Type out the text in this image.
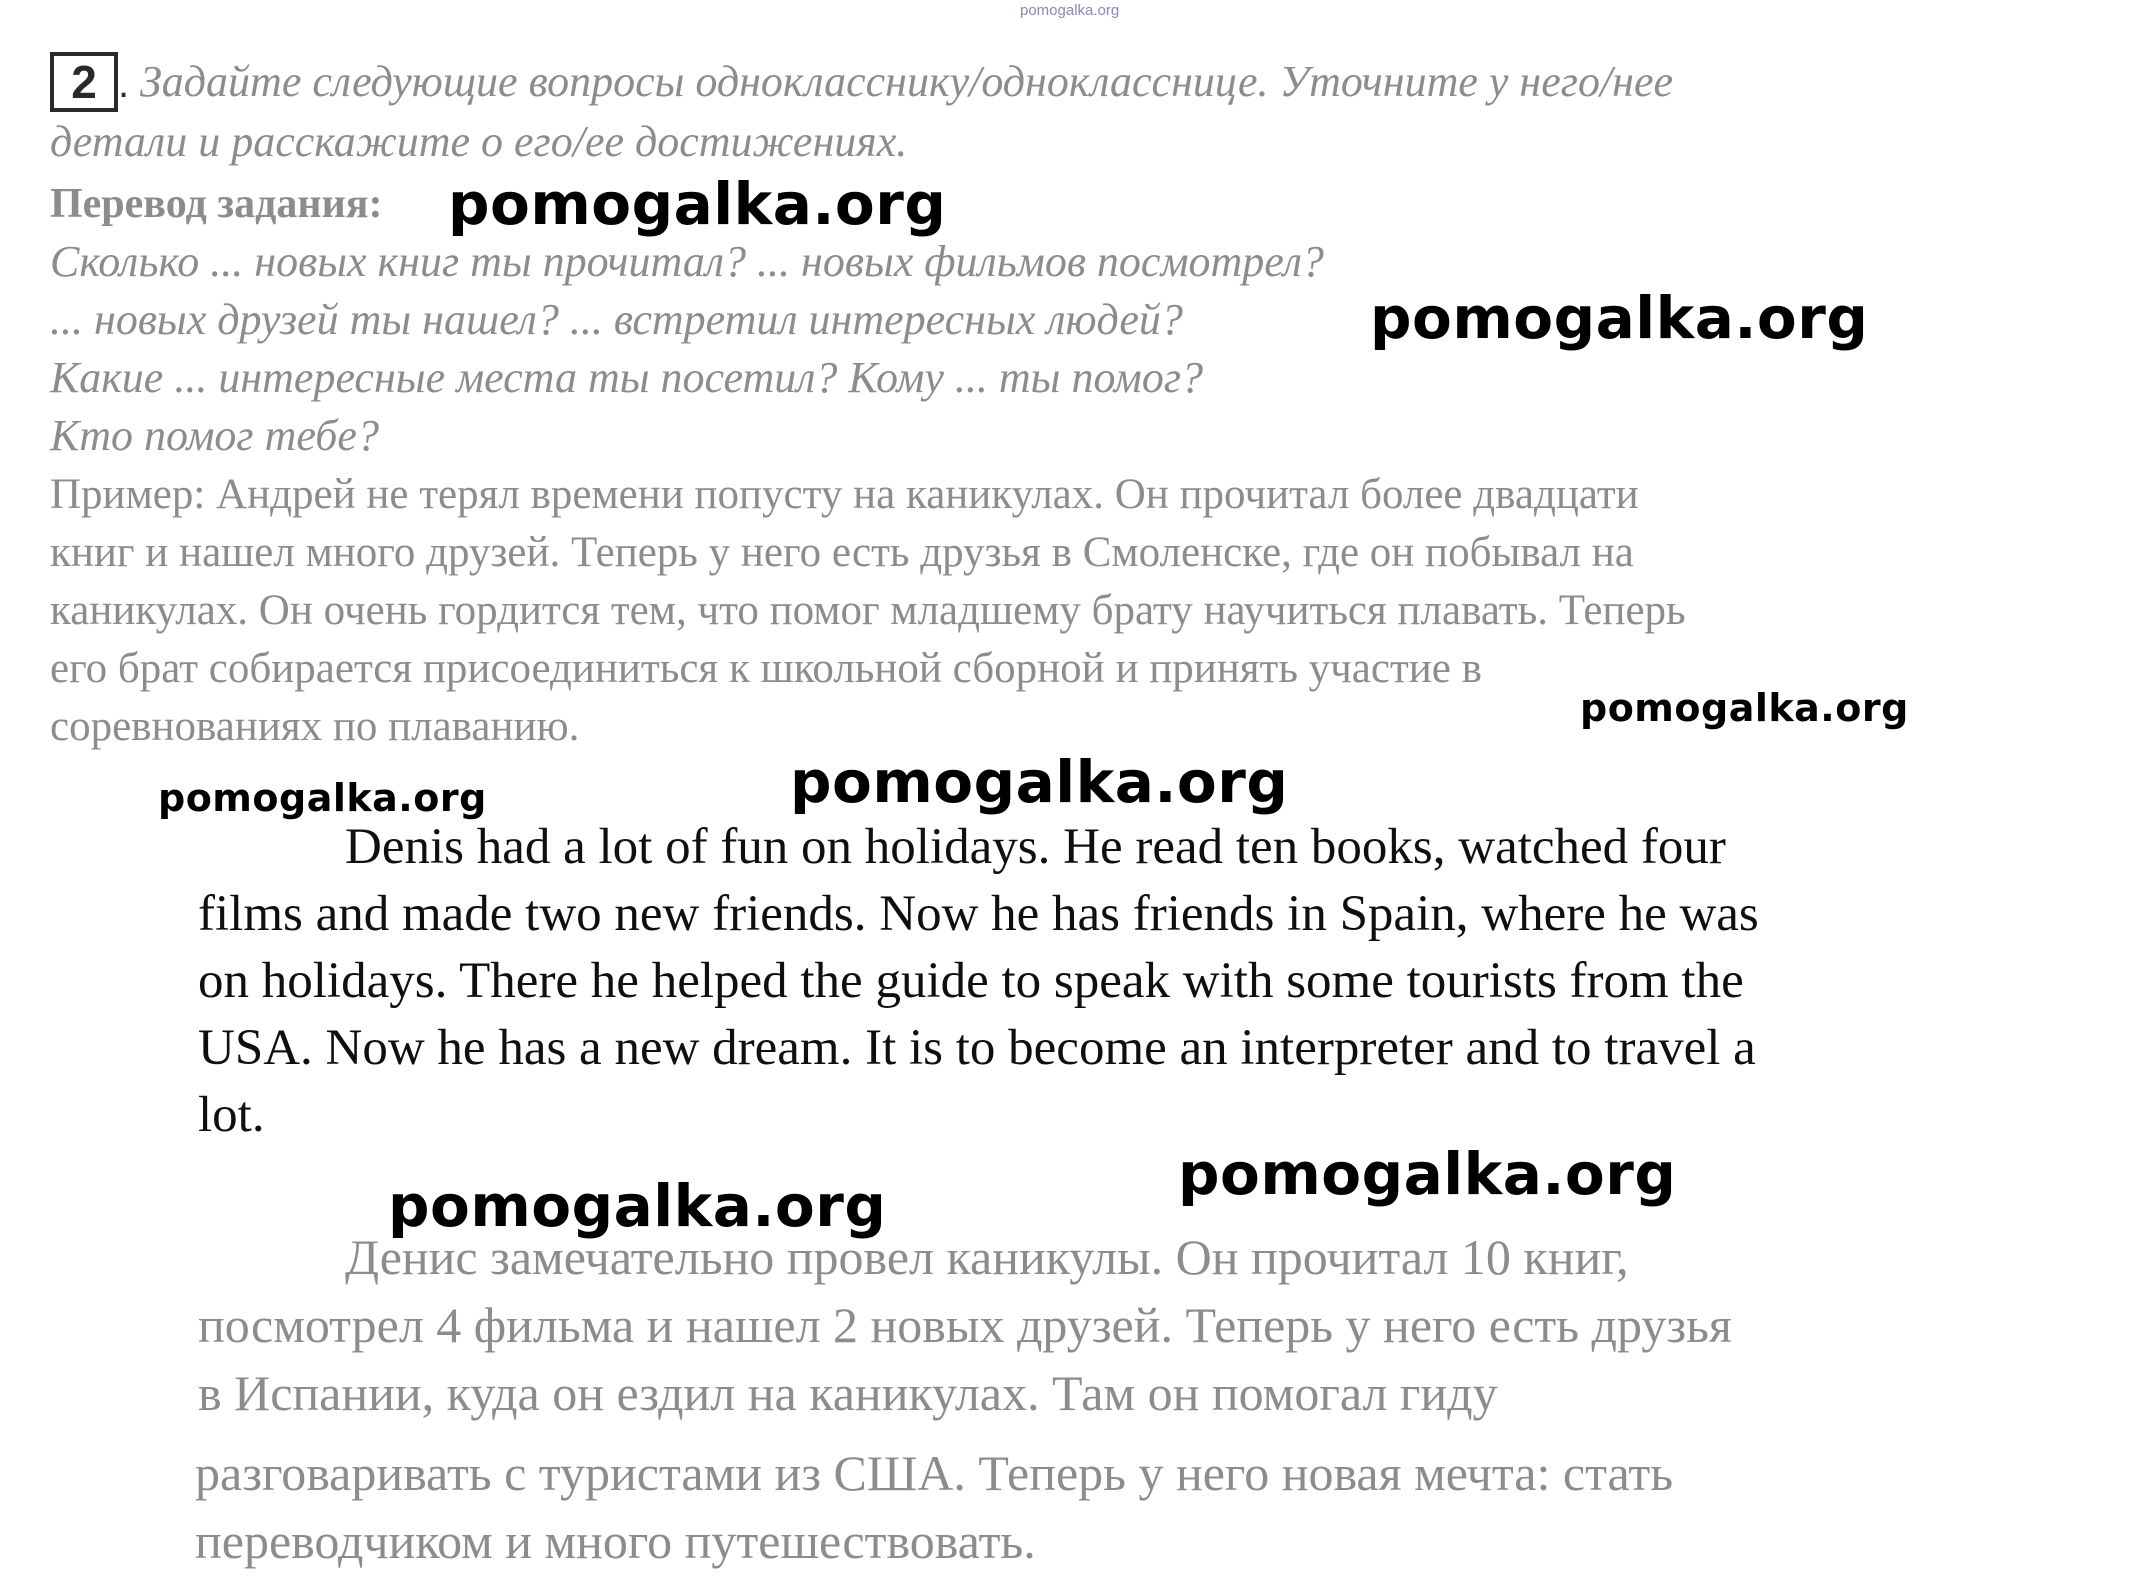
pomogalka.org
2 . Задайте следующие вопросы однокласснику/однокласснице. Уточните у него/нее
детали и расскажите о его/ее достижениях.
Перевод задания:
Сколько ... новых книг ты прочитал? ... новых фильмов посмотрел?
... новых друзей ты нашел? ... встретил интересных людей?
Какие ... интересные места ты посетил? Кому ... ты помог?
Кто помог тебе?
Пример: Андрей не терял времени попусту на каникулах. Он прочитал более двадцати
книг и нашел много друзей. Теперь у него есть друзья в Смоленске, где он побывал на
каникулах. Он очень гордится тем, что помог младшему брату научиться плавать. Теперь
его брат собирается присоединиться к школьной сборной и принять участие в
соревнованиях по плаванию.
Denis had a lot of fun on holidays. He read ten books, watched four
films and made two new friends. Now he has friends in Spain, where he was
on holidays. There he helped the guide to speak with some tourists from the
USA. Now he has a new dream. It is to become an interpreter and to travel a
lot.
Денис замечательно провел каникулы. Он прочитал 10 книг,
посмотрел 4 фильма и нашел 2 новых друзей. Теперь у него есть друзья
в Испании, куда он ездил на каникулах. Там он помогал гиду
разговаривать с туристами из США. Теперь у него новая мечта: стать
переводчиком и много путешествовать.
pomogalka.org
pomogalka.org
pomogalka.org
pomogalka.org	pomogalka.org
pomogalka.org
pomogalka.org
